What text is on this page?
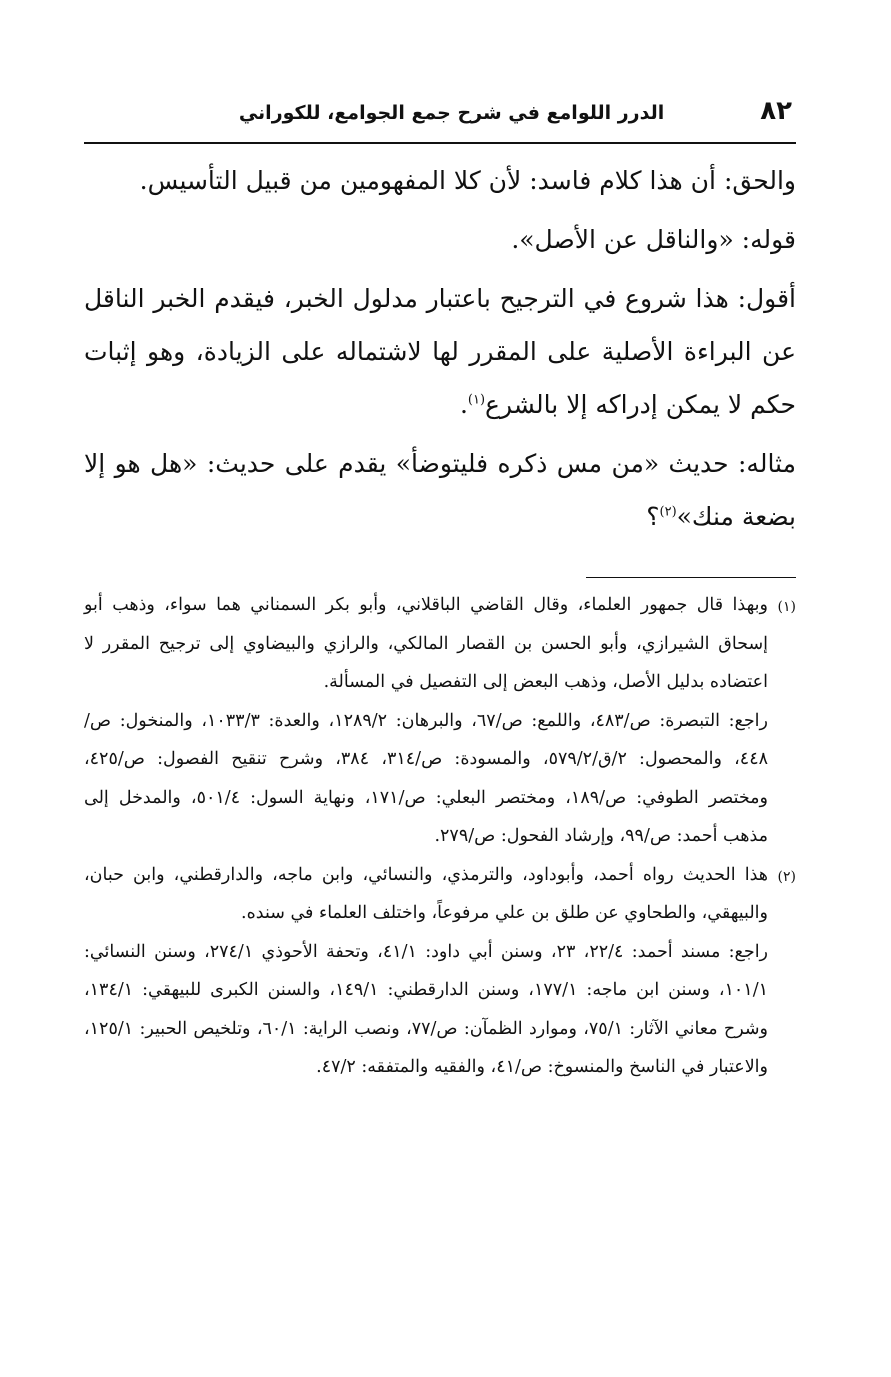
٨٢
الدرر اللوامع في شرح جمع الجوامع، للكوراني

والحق: أن هذا كلام فاسد: لأن كلا المفهومين من قبيل التأسيس.

قوله: «والناقل عن الأصل».

أقول: هذا شروع في الترجيح باعتبار مدلول الخبر، فيقدم الخبر الناقل عن البراءة الأصلية على المقرر لها لاشتماله على الزيادة، وهو إثبات حكم لا يمكن إدراكه إلا بالشرع$^{(١)}$.

مثاله: حديث «من مس ذكره فليتوضأ» يقدم على حديث: «هل هو إلا بضعة منك»$^{(٢)}$؟

(١)

وبهذا قال جمهور العلماء، وقال القاضي الباقلاني، وأبو بكر السمناني هما سواء، وذهب أبو إسحاق الشيرازي، وأبو الحسن بن القصار المالكي، والرازي والبيضاوي إلى ترجيح المقرر لا اعتضاده بدليل الأصل، وذهب البعض إلى التفصيل في المسألة.

راجع: التبصرة: ص/٤٨٣، واللمع: ص/٦٧، والبرهان: ١٢٨٩/٢، والعدة: ١٠٣٣/٣، والمنخول: ص/٤٤٨، والمحصول: ٢/ق/٥٧٩/٢، والمسودة: ص/٣١٤، ٣٨٤، وشرح تنقيح الفصول: ص/٤٢٥، ومختصر الطوفي: ص/١٨٩، ومختصر البعلي: ص/١٧١، ونهاية السول: ٥٠١/٤، والمدخل إلى مذهب أحمد: ص/٩٩، وإرشاد الفحول: ص/٢٧٩.

(٢)

هذا الحديث رواه أحمد، وأبوداود، والترمذي، والنسائي، وابن ماجه، والدارقطني، وابن حبان، والبيهقي، والطحاوي عن طلق بن علي مرفوعاً، واختلف العلماء في سنده.

راجع: مسند أحمد: ٢٢/٤، ٢٣، وسنن أبي داود: ٤١/١، وتحفة الأحوذي ٢٧٤/١، وسنن النسائي: ١٠١/١، وسنن ابن ماجه: ١٧٧/١، وسنن الدارقطني: ١٤٩/١، والسنن الكبرى للبيهقي: ١٣٤/١، وشرح معاني الآثار: ٧٥/١، وموارد الظمآن: ص/٧٧، ونصب الراية: ٦٠/١، وتلخيص الحبير: ١٢٥/١، والاعتبار في الناسخ والمنسوخ: ص/٤١، والفقيه والمتفقه: ٤٧/٢.
